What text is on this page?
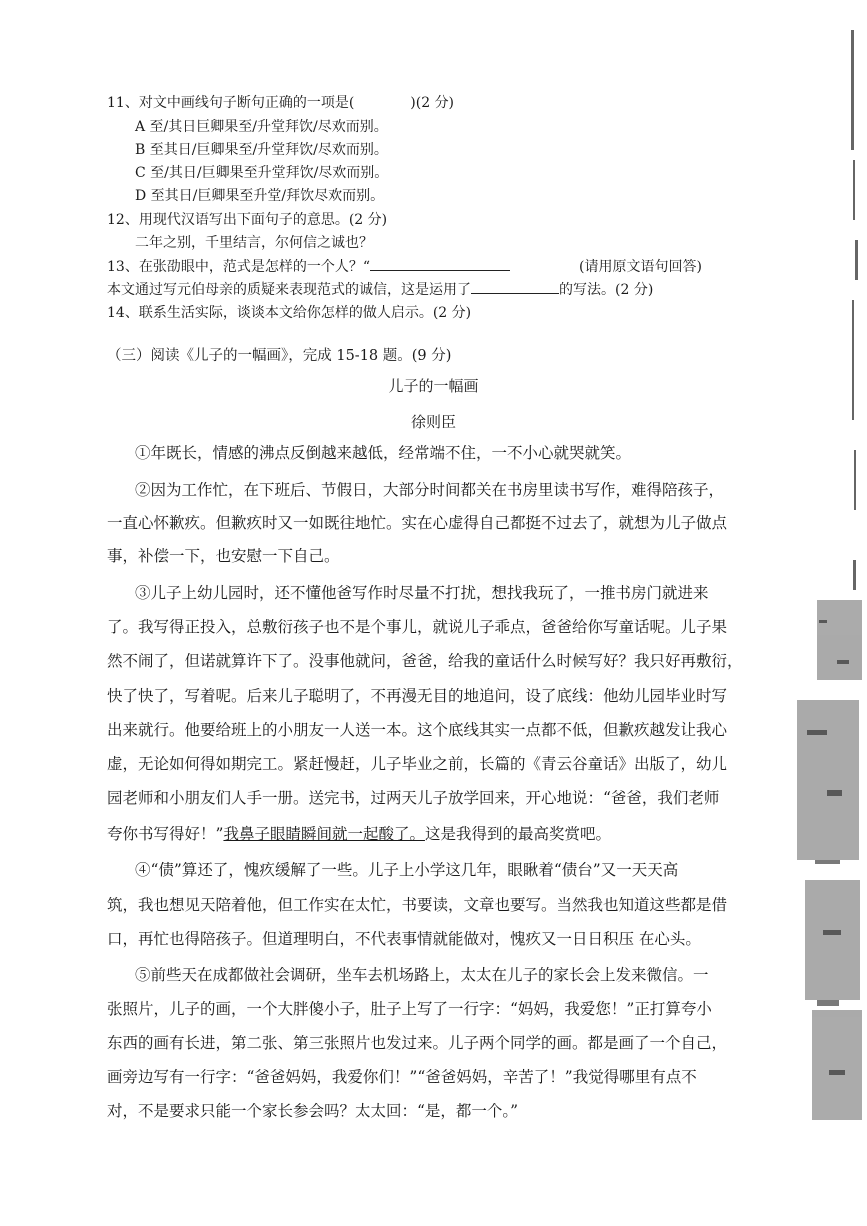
11、对文中画线句子断句正确的一项是(	)(2 分)
A 至/其日巨卿果至/升堂拜饮/尽欢而别。
B 至其日/巨卿果至/升堂拜饮/尽欢而别。
C 至/其日/巨卿果至升堂拜饮/尽欢而别。
D 至其日/巨卿果至升堂/拜饮尽欢而别。
12、用现代汉语写出下面句子的意思。(2 分)
二年之别，千里结言，尔何信之诚也？
13、在张劭眼中，范式是怎样的一个人？“	(请用原文语句回答)
本文通过写元伯母亲的质疑来表现范式的诚信，这是运用了	的写法。(2 分)
14、联系生活实际，谈谈本文给你怎样的做人启示。(2 分)
（三）阅读《儿子的一幅画》，完成 15-18 题。(9 分)
儿子的一幅画
徐则臣
①年既长，情感的沸点反倒越来越低，经常端不住，一不小心就哭就笑。
②因为工作忙，在下班后、节假日，大部分时间都关在书房里读书写作，难得陪孩子，
一直心怀歉疚。但歉疚时又一如既往地忙。实在心虚得自己都挺不过去了，就想为儿子做点
事，补偿一下，也安慰一下自己。
③儿子上幼儿园时，还不懂他爸写作时尽量不打扰，想找我玩了，一推书房门就进来
了。我写得正投入，总敷衍孩子也不是个事儿，就说儿子乖点，爸爸给你写童话呢。儿子果
然不闹了，但诺就算许下了。没事他就问，爸爸，给我的童话什么时候写好？我只好再敷衍，
快了快了，写着呢。后来儿子聪明了，不再漫无目的地追问，设了底线：他幼儿园毕业时写
出来就行。他要给班上的小朋友一人送一本。这个底线其实一点都不低，但歉疚越发让我心
虚，无论如何得如期完工。紧赶慢赶，儿子毕业之前，长篇的《青云谷童话》出版了，幼儿
园老师和小朋友们人手一册。送完书，过两天儿子放学回来，开心地说：“爸爸，我们老师
夸你书写得好！”我鼻子眼睛瞬间就一起酸了。这是我得到的最高奖赏吧。
④“债”算还了，愧疚缓解了一些。儿子上小学这几年，眼瞅着“债台”又一天天高
筑，我也想见天陪着他，但工作实在太忙，书要读，文章也要写。当然我也知道这些都是借
口，再忙也得陪孩子。但道理明白，不代表事情就能做对，愧疚又一日日积压 在心头。
⑤前些天在成都做社会调研，坐车去机场路上，太太在儿子的家长会上发来微信。一
张照片，儿子的画，一个大胖傻小子，肚子上写了一行字：“妈妈，我爱您！”正打算夸小
东西的画有长进，第二张、第三张照片也发过来。儿子两个同学的画。都是画了一个自己，
画旁边写有一行字：“爸爸妈妈，我爱你们！”“爸爸妈妈，辛苦了！”我觉得哪里有点不
对，不是要求只能一个家长参会吗？太太回：“是，都一个。”
